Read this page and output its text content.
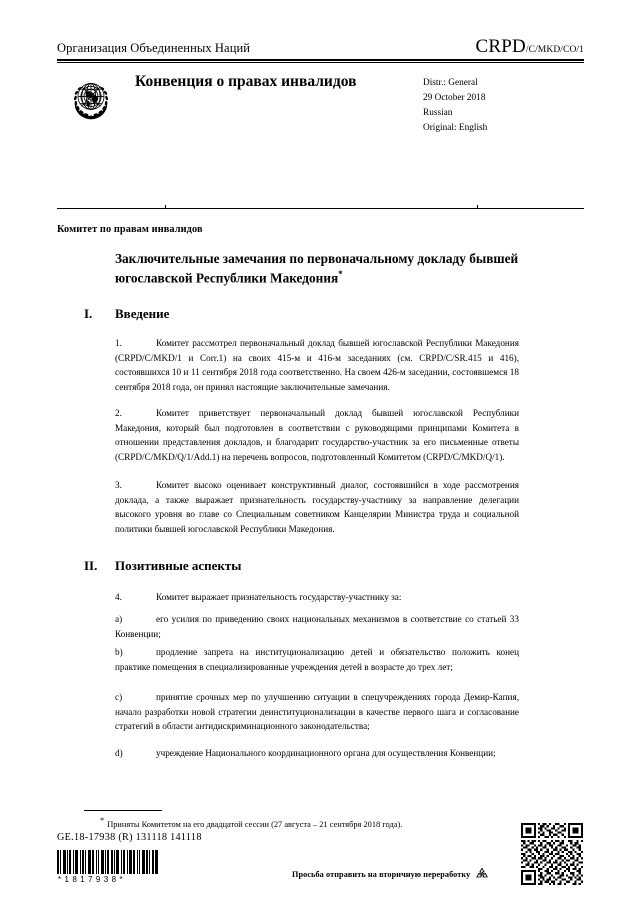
Организация Объединенных Наций	CRPD /C/MKD/CO/1
Конвенция о правах инвалидов	Distr.: General
29 October 2018
Russian
Original: English
Комитет по правам инвалидов
Заключительные замечания по первоначальному докладу бывшей югославской Республики Македония*
I.	Введение
1.	Комитет рассмотрел первоначальный доклад бывшей югославской Республики Македония (CRPD/C/MKD/1 и Corr.1) на своих 415-м и 416-м заседаниях (см. CRPD/C/SR.415 и 416), состоявшихся 10 и 11 сентября 2018 года соответственно. На своем 426-м заседании, состоявшемся 18 сентября 2018 года, он принял настоящие заключительные замечания.
2.	Комитет приветствует первоначальный доклад бывшей югославской Республики Македония, который был подготовлен в соответствии с руководящими принципами Комитета в отношении представления докладов, и благодарит государство-участник за его письменные ответы (CRPD/C/MKD/Q/1/Add.1) на перечень вопросов, подготовленный Комитетом (CRPD/C/MKD/Q/1).
3.	Комитет высоко оценивает конструктивный диалог, состоявшийся в ходе рассмотрения доклада, а также выражает признательность государству-участнику за направление делегации высокого уровня во главе со Специальным советником Канцелярии Министра труда и социальной политики бывшей югославской Республики Македония.
II.	Позитивные аспекты
4.	Комитет выражает признательность государству-участнику за:
a)	его усилия по приведению своих национальных механизмов в соответствие со статьей 33 Конвенции;
b)	продление запрета на институционализацию детей и обязательство положить конец практике помещения в специализированные учреждения детей в возрасте до трех лет;
c)	принятие срочных мер по улучшению ситуации в спецучреждениях города Демир-Капия, начало разработки новой стратегии деинституционализации в качестве первого шага и согласование стратегий в области антидискриминационного законодательства;
d)	учреждение Национального координационного органа для осуществления Конвенции;
* Приняты Комитетом на его двадцатой сессии (27 августа – 21 сентября 2018 года).
GE.18-17938 (R) 131118 141118
*1817938*
Просьба отправить на вторичную переработку
